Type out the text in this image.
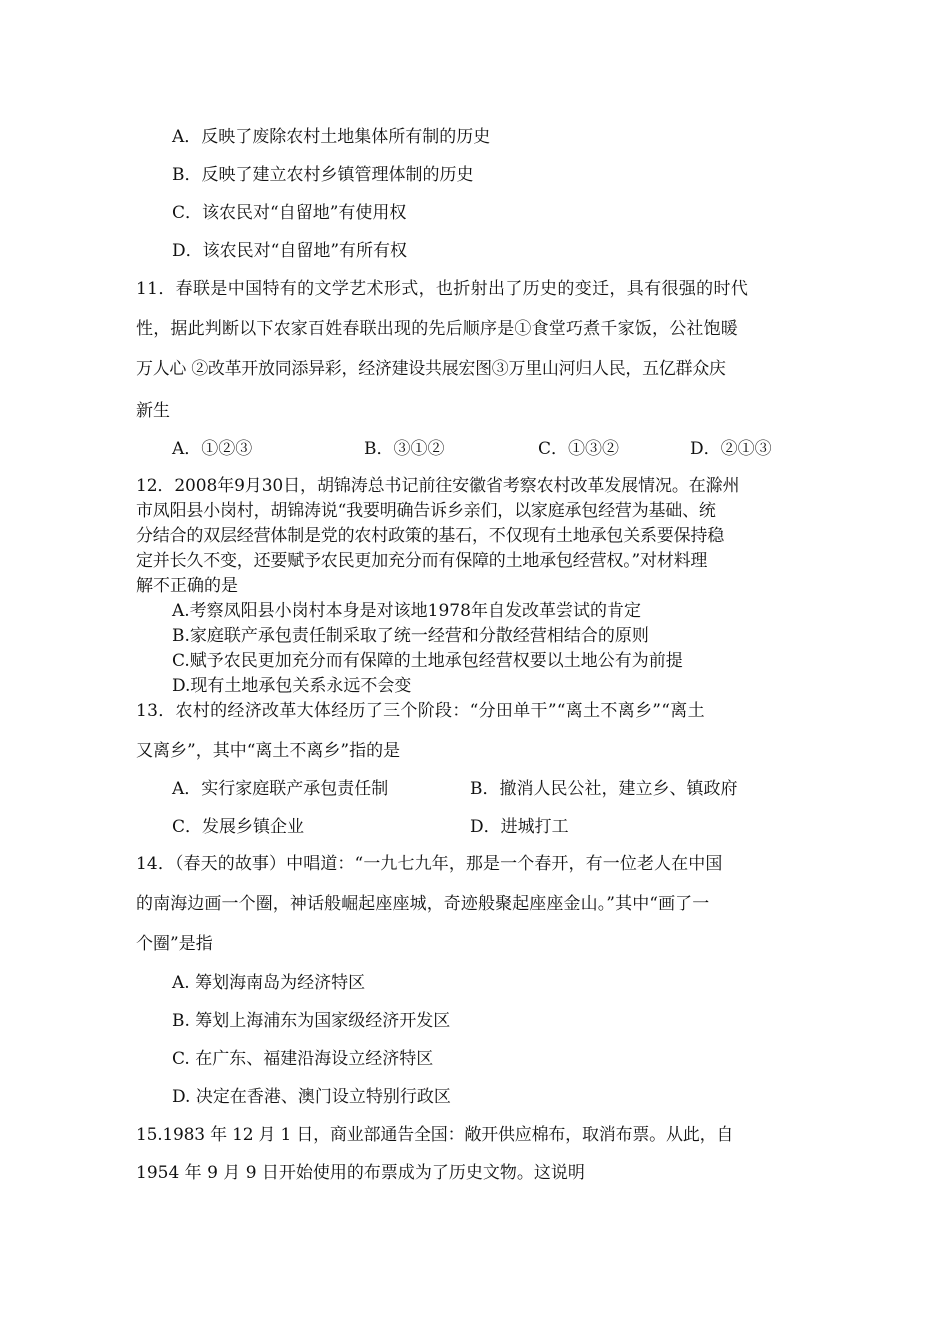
A．反映了废除农村土地集体所有制的历史
B．反映了建立农村乡镇管理体制的历史
C．该农民对“自留地”有使用权
D．该农民对“自留地”有所有权
11．春联是中国特有的文学艺术形式，也折射出了历史的变迁，具有很强的时代
性，据此判断以下农家百姓春联出现的先后顺序是①食堂巧煮千家饭，公社饱暖
万人心 ②改革开放同添异彩，经济建设共展宏图③万里山河归人民，五亿群众庆
新生
A．①②③	B．③①②	C．①③②	D．②①③
12．2008年9月30日，胡锦涛总书记前往安徽省考察农村改革发展情况。在滁州
市凤阳县小岗村，胡锦涛说“我要明确告诉乡亲们，以家庭承包经营为基础、统
分结合的双层经营体制是党的农村政策的基石，不仅现有土地承包关系要保持稳
定并长久不变，还要赋予农民更加充分而有保障的土地承包经营权。”对材料理
解不正确的是
A.考察凤阳县小岗村本身是对该地1978年自发改革尝试的肯定
B.家庭联产承包责任制采取了统一经营和分散经营相结合的原则
C.赋予农民更加充分而有保障的土地承包经营权要以土地公有为前提
D.现有土地承包关系永远不会变
13．农村的经济改革大体经历了三个阶段：“分田单干”“离土不离乡”“离土
又离乡”，其中“离土不离乡”指的是
A．实行家庭联产承包责任制	B．撤消人民公社，建立乡、镇政府
C．发展乡镇企业	D．进城打工
14．（春天的故事）中唱道：“一九七九年，那是一个春开，有一位老人在中国
的南海边画一个圈，神话般崛起座座城，奇迹般聚起座座金山。”其中“画了一
个圈”是指
A. 筹划海南岛为经济特区
B. 筹划上海浦东为国家级经济开发区
C. 在广东、福建沿海设立经济特区
D. 决定在香港、澳门设立特别行政区
15.1983 年 12 月 1 日，商业部通告全国：敞开供应棉布，取消布票。从此，自
1954 年 9 月 9 日开始使用的布票成为了历史文物。这说明
